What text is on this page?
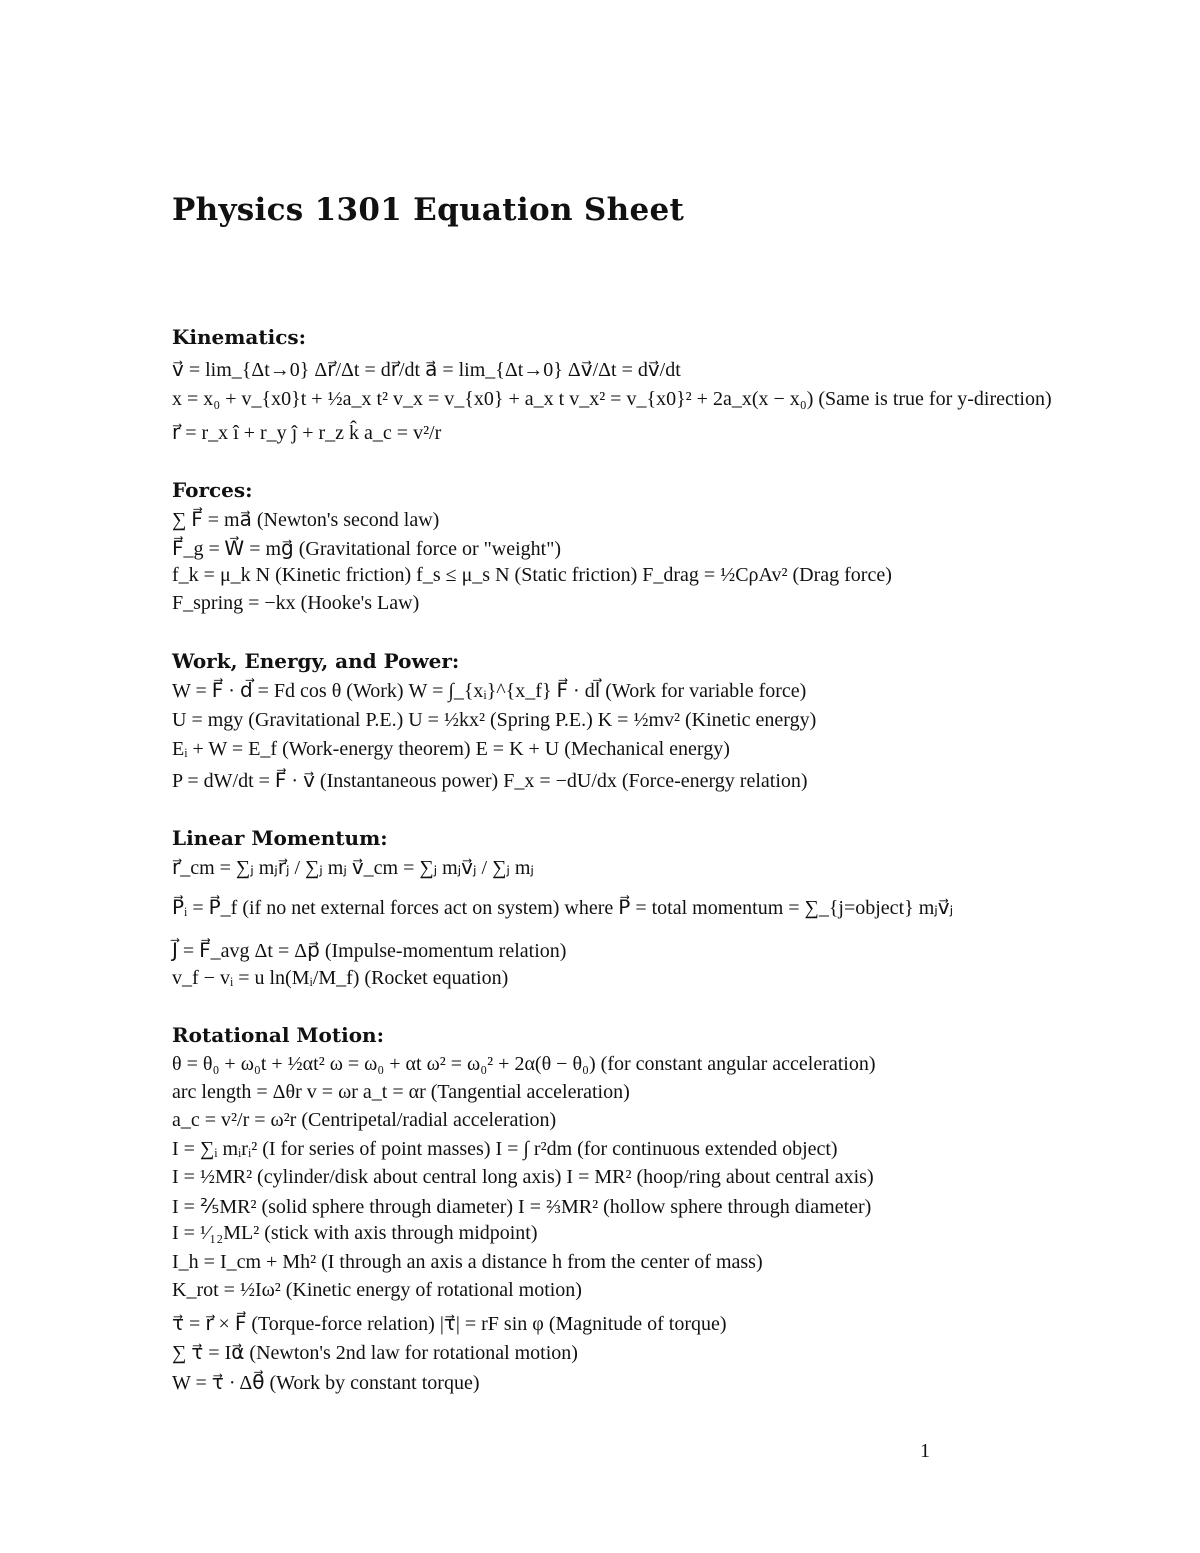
Physics 1301 Equation Sheet
Kinematics:
v⃗ = lim_{Δt→0} Δr⃗/Δt = dr⃗/dt a⃗ = lim_{Δt→0} Δv⃗/Δt = dv⃗/dt
x = x₀ + v_{x0}t + ½a_x t² v_x = v_{x0} + a_x t v_x² = v_{x0}² + 2a_x(x − x₀) (Same is true for y-direction)
r⃗ = r_x î + r_y ĵ + r_z k̂ a_c = v²/r
Forces:
∑ F⃗ = ma⃗ (Newton's second law)
F⃗_g = W⃗ = mg⃗ (Gravitational force or "weight")
f_k = μ_k N (Kinetic friction) f_s ≤ μ_s N (Static friction) F_drag = ½CρAv² (Drag force)
F_spring = −kx (Hooke's Law)
Work, Energy, and Power:
W = F⃗ · d⃗ = Fd cos θ (Work) W = ∫_{xᵢ}^{x_f} F⃗ · dl⃗ (Work for variable force)
U = mgy (Gravitational P.E.) U = ½kx² (Spring P.E.) K = ½mv² (Kinetic energy)
Eᵢ + W = E_f (Work-energy theorem) E = K + U (Mechanical energy)
P = dW/dt = F⃗ · v⃗ (Instantaneous power) F_x = −dU/dx (Force-energy relation)
Linear Momentum:
r⃗_cm = ∑ⱼ mⱼr⃗ⱼ / ∑ⱼ mⱼ v⃗_cm = ∑ⱼ mⱼv⃗ⱼ / ∑ⱼ mⱼ
P⃗ᵢ = P⃗_f (if no net external forces act on system) where P⃗ = total momentum = ∑_{j=object} mⱼv⃗ⱼ
J⃗ = F⃗_avg Δt = Δp⃗ (Impulse-momentum relation)
v_f − vᵢ = u ln(Mᵢ/M_f) (Rocket equation)
Rotational Motion:
θ = θ₀ + ω₀t + ½αt² ω = ω₀ + αt ω² = ω₀² + 2α(θ − θ₀) (for constant angular acceleration)
arc length = Δθr v = ωr a_t = αr (Tangential acceleration)
a_c = v²/r = ω²r (Centripetal/radial acceleration)
I = ∑ᵢ mᵢrᵢ² (I for series of point masses) I = ∫ r²dm (for continuous extended object)
I = ½MR² (cylinder/disk about central long axis) I = MR² (hoop/ring about central axis)
I = ⅖MR² (solid sphere through diameter) I = ⅔MR² (hollow sphere through diameter)
I = ¹⁄₁₂ML² (stick with axis through midpoint)
I_h = I_cm + Mh² (I through an axis a distance h from the center of mass)
K_rot = ½Iω² (Kinetic energy of rotational motion)
τ⃗ = r⃗ × F⃗ (Torque-force relation) |τ⃗| = rF sin φ (Magnitude of torque)
∑ τ⃗ = Iα⃗ (Newton's 2nd law for rotational motion)
W = τ⃗ · Δθ⃗ (Work by constant torque)
1
